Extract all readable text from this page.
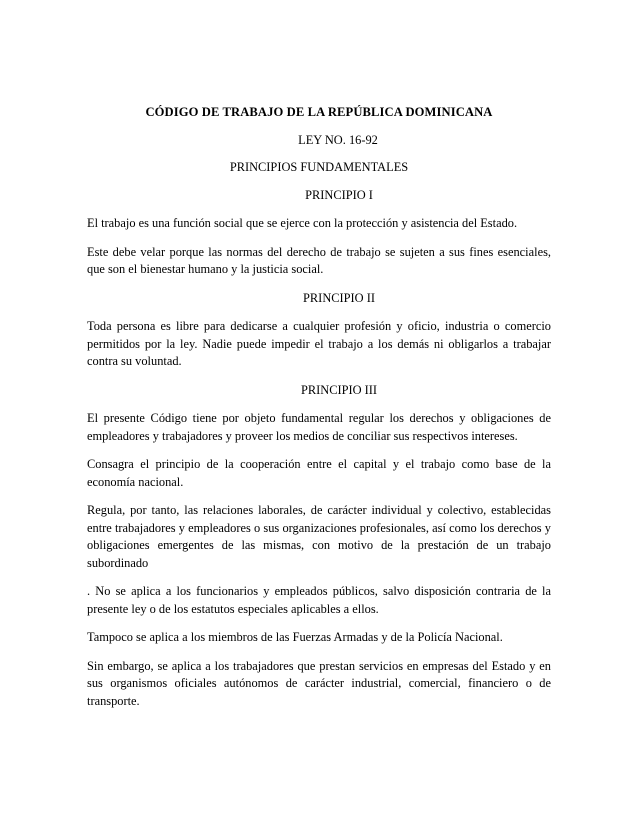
CÓDIGO DE TRABAJO DE LA REPÚBLICA DOMINICANA
LEY NO. 16-92
PRINCIPIOS FUNDAMENTALES
PRINCIPIO I

El trabajo es una función social que se ejerce con la protección y asistencia del Estado.

Este debe velar porque las normas del derecho de trabajo se sujeten a sus fines esenciales, que son el bienestar humano y la justicia social.

PRINCIPIO II

Toda persona es libre para dedicarse a cualquier profesión y oficio, industria o comercio permitidos por la ley. Nadie puede impedir el trabajo a los demás ni obligarlos a trabajar contra su voluntad.

PRINCIPIO III

El presente Código tiene por objeto fundamental regular los derechos y obligaciones de empleadores y trabajadores y proveer los medios de conciliar sus respectivos intereses.

Consagra el principio de la cooperación entre el capital y el trabajo como base de la economía nacional.

Regula, por tanto, las relaciones laborales, de carácter individual y colectivo, establecidas entre trabajadores y empleadores o sus organizaciones profesionales, así como los derechos y obligaciones emergentes de las mismas, con motivo de la prestación de un trabajo subordinado

. No se aplica a los funcionarios y empleados públicos, salvo disposición contraria de la presente ley o de los estatutos especiales aplicables a ellos.

Tampoco se aplica a los miembros de las Fuerzas Armadas y de la Policía Nacional.

Sin embargo, se aplica a los trabajadores que prestan servicios en empresas del Estado y en sus organismos oficiales autónomos de carácter industrial, comercial, financiero o de transporte.
